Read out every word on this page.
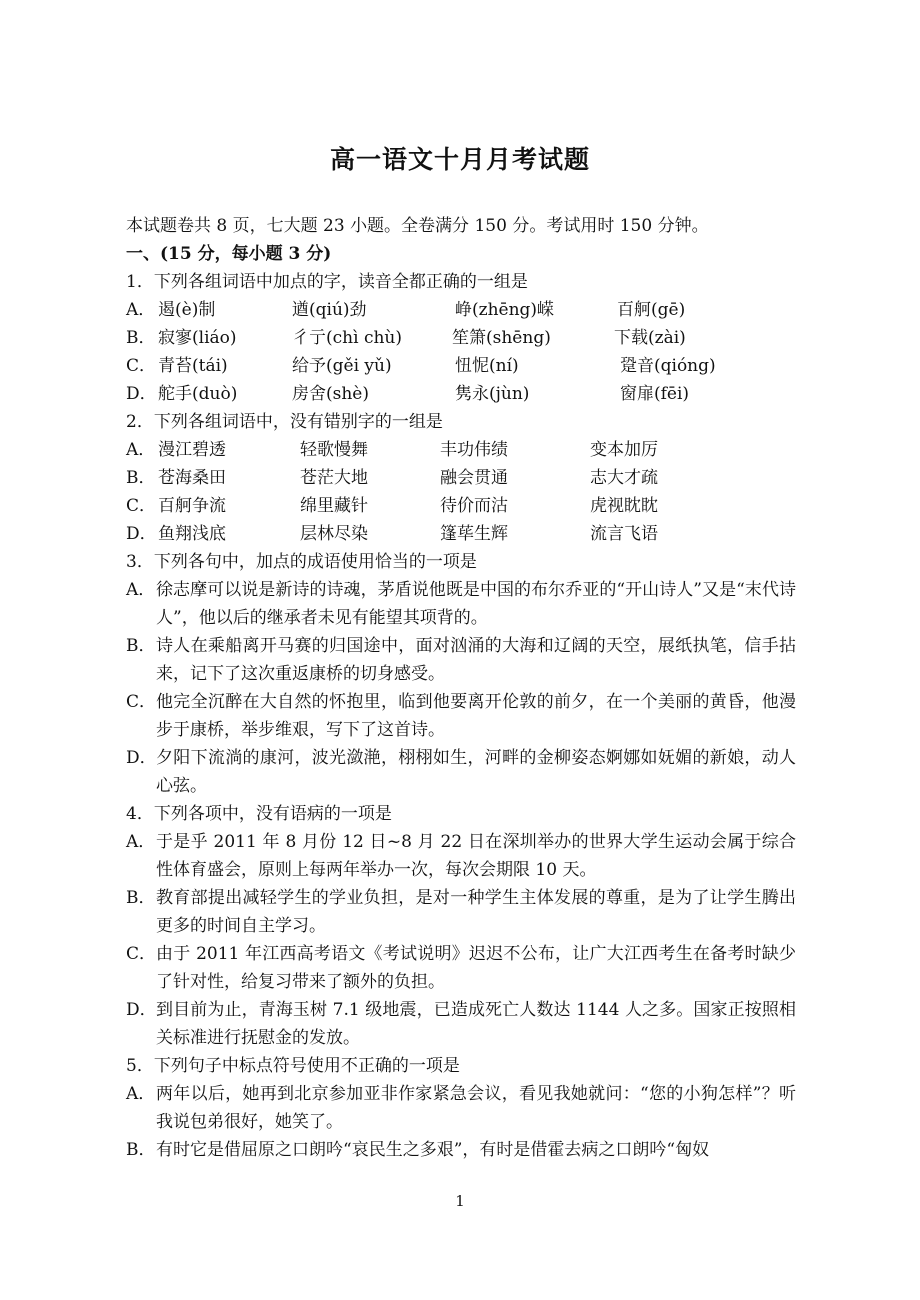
高一语文十月月考试题
本试题卷共 8 页，七大题 23 小题。全卷满分 150 分。考试用时 150 分钟。
一、(15 分，每小题 3 分)
1．下列各组词语中加点的字，读音全都正确的一组是
A． 遏(è)制	遒(qiú)劲	峥(zhēng)嵘	百舸(gē)
B． 寂寥(liáo)	彳亍(chì chù)	笙箫(shēng)	下载(zài)
C． 青苔(tái)	给予(gěi yǔ)	忸怩(ní)	跫音(qióng)
D． 舵手(duò)	房舍(shè)	隽永(jùn)	窗扉(fēi)
2．下列各组词语中，没有错别字的一组是
A． 漫江碧透	轻歌慢舞	丰功伟绩	变本加厉
B． 苍海桑田	苍茫大地	融会贯通	志大才疏
C． 百舸争流	绵里藏针	待价而沽	虎视眈眈
D． 鱼翔浅底	层林尽染	篷荜生辉	流言飞语
3．下列各句中，加点的成语使用恰当的一项是
A． 徐志摩可以说是新诗的诗魂，茅盾说他既是中国的布尔乔亚的“开山诗人”又是“末代诗人”，他以后的继承者未见有能望其项背的。
B． 诗人在乘船离开马赛的归国途中，面对汹涌的大海和辽阔的天空，展纸执笔，信手拈来，记下了这次重返康桥的切身感受。
C． 他完全沉醉在大自然的怀抱里，临到他要离开伦敦的前夕，在一个美丽的黄昏，他漫步于康桥，举步维艰，写下了这首诗。
D． 夕阳下流淌的康河，波光潋滟，栩栩如生，河畔的金柳姿态婀娜如妩媚的新娘，动人心弦。
4．下列各项中，没有语病的一项是
A． 于是乎 2011 年 8 月份 12 日~8 月 22 日在深圳举办的世界大学生运动会属于综合性体育盛会，原则上每两年举办一次，每次会期限 10 天。
B． 教育部提出减轻学生的学业负担，是对一种学生主体发展的尊重，是为了让学生腾出更多的时间自主学习。
C． 由于 2011 年江西高考语文《考试说明》迟迟不公布，让广大江西考生在备考时缺少了针对性，给复习带来了额外的负担。
D． 到目前为止，青海玉树 7.1 级地震，已造成死亡人数达 1144 人之多。国家正按照相关标准进行抚慰金的发放。
5．下列句子中标点符号使用不正确的一项是
A． 两年以后，她再到北京参加亚非作家紧急会议，看见我她就问：“您的小狗怎样”？听我说包弟很好，她笑了。
B． 有时它是借屈原之口朗吟“哀民生之多艰”，有时是借霍去病之口朗吟“匈奴
1
